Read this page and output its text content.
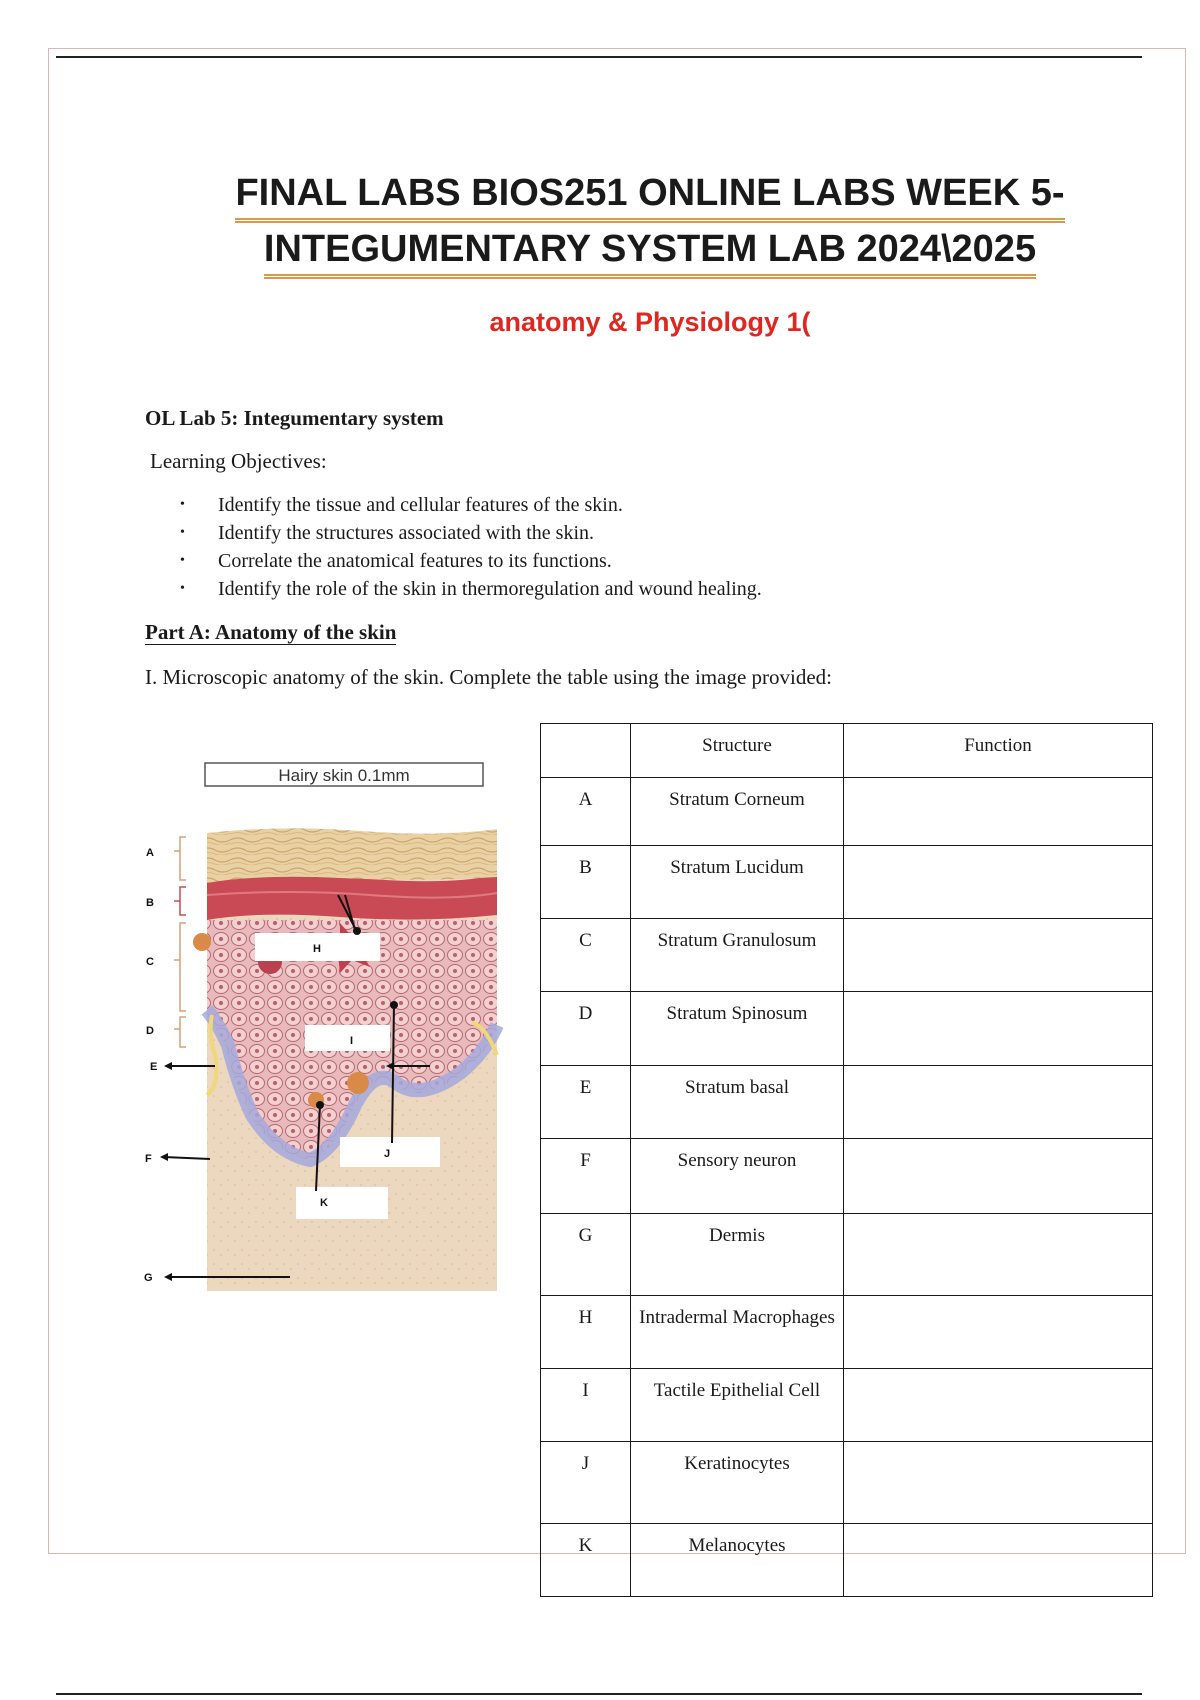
FINAL LABS BIOS251 ONLINE LABS WEEK 5-
INTEGUMENTARY SYSTEM LAB 2024\2025
anatomy & Physiology 1(
OL Lab 5: Integumentary system
Learning Objectives:
• Identify the tissue and cellular features of the skin.
• Identify the structures associated with the skin.
• Correlate the anatomical features to its functions.
• Identify the role of the skin in thermoregulation and wound healing.
Part A: Anatomy of the skin
I. Microscopic anatomy of the skin. Complete the table using the image provided:
Hairy skin 0.1mm
H
I
J
K
A
B
C
D
E
F
G
	Structure	Function
A	Stratum Corneum	
B	Stratum Lucidum	
C	Stratum Granulosum	
D	Stratum Spinosum	
E	Stratum basal	
F	Sensory neuron	
G	Dermis	
H	Intradermal Macrophages	
I	Tactile Epithelial Cell	
J	Keratinocytes	
K	Melanocytes	
